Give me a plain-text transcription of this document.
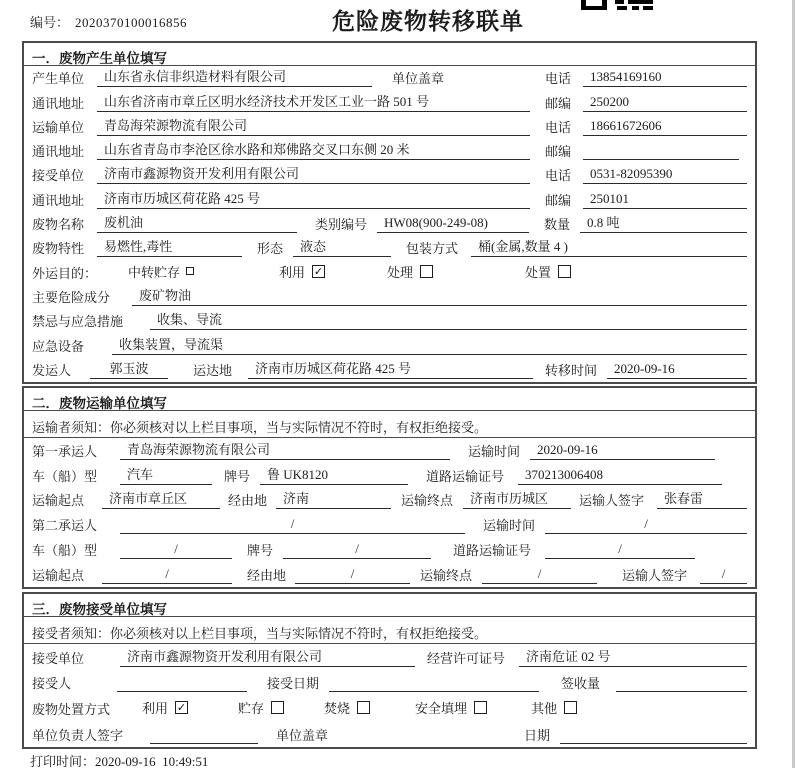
编号： 2020370100016856	危险废物转移联单
一．废物产生单位填写
产生单位	山东省永信非织造材料有限公司	单位盖章	电话	13854169160
通讯地址	山东省济南市章丘区明水经济技术开发区工业一路 501 号	邮编	250200
运输单位	青岛海荣源物流有限公司	电话	18661672606
通讯地址	山东省青岛市李沧区徐水路和郑佛路交叉口东侧 20 米	邮编
接受单位	济南市鑫源物资开发利用有限公司	电话	0531-82095390
通讯地址	济南市历城区荷花路 425 号	邮编	250101
废物名称	废机油	类别编号	HW08(900-249-08)	数量	0.8 吨
废物特性	易燃性,毒性	形态	液态	包装方式	桶(金属,数量 4 )
外运目的：	中转贮存	利用 ✓	处理	处置
主要危险成分	废矿物油
禁忌与应急措施	收集、导流
应急设备	收集装置，导流渠
发运人	郭玉波	运达地	济南市历城区荷花路 425 号	转移时间	2020-09-16
二．废物运输单位填写
运输者须知：你必须核对以上栏目事项，当与实际情况不符时，有权拒绝接受。
第一承运人	青岛海荣源物流有限公司	运输时间	2020-09-16
车（船）型	汽车	牌号	鲁 UK8120	道路运输证号	370213006408
运输起点	济南市章丘区	经由地	济南	运输终点	济南市历城区	运输人签字	张春雷
第二承运人	/	运输时间	/
车（船）型	/	牌号	/	道路运输证号	/
运输起点	/	经由地	/	运输终点	/	运输人签字	/
三．废物接受单位填写
接受者须知：你必须核对以上栏目事项，当与实际情况不符时，有权拒绝接受。
接受单位	济南市鑫源物资开发利用有限公司	经营许可证号	济南危证 02 号
接受人	接受日期	签收量
废物处置方式	利用 ✓	贮存	焚烧	安全填埋	其他
单位负责人签字	单位盖章	日期
打印时间：2020-09-16  10:49:51
